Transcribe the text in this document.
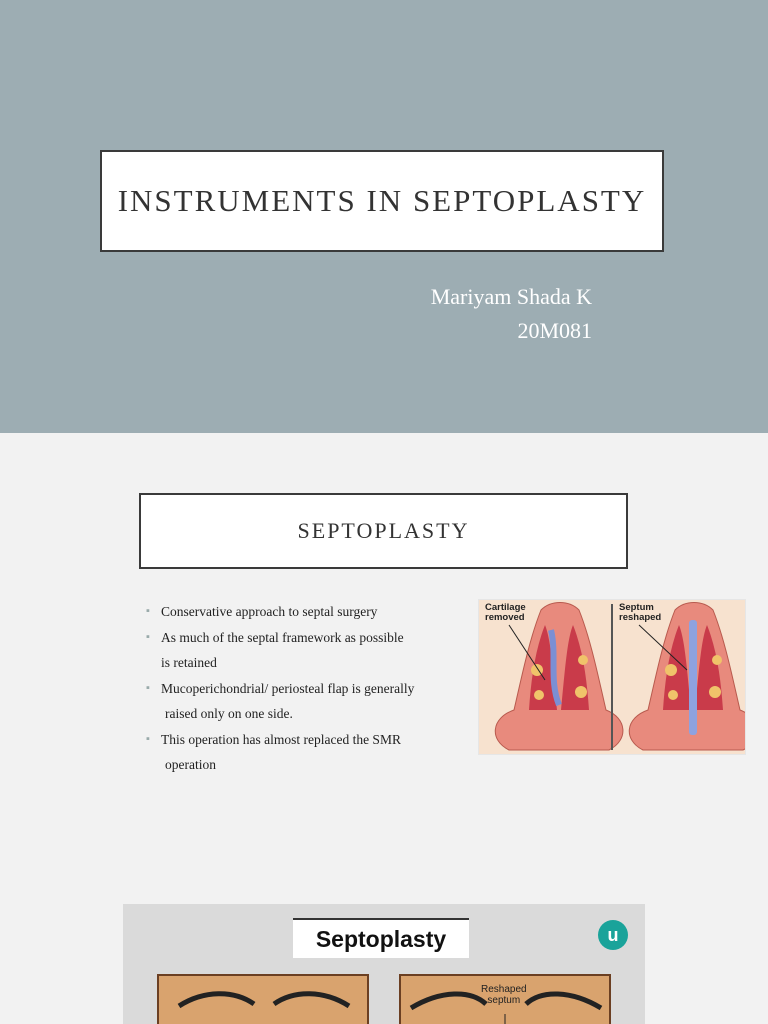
INSTRUMENTS IN SEPTOPLASTY
Mariyam Shada K
20M081
SEPTOPLASTY
▪ Conservative approach to septal surgery
▪ As much of the septal framework as possible
is retained
▪ Mucoperichondrial/ periosteal flap is generally
raised only on one side.
▪ This operation has almost replaced the SMR
operation
Cartilage
removed
Septum
reshaped
Septoplasty	u
Reshaped
septum
